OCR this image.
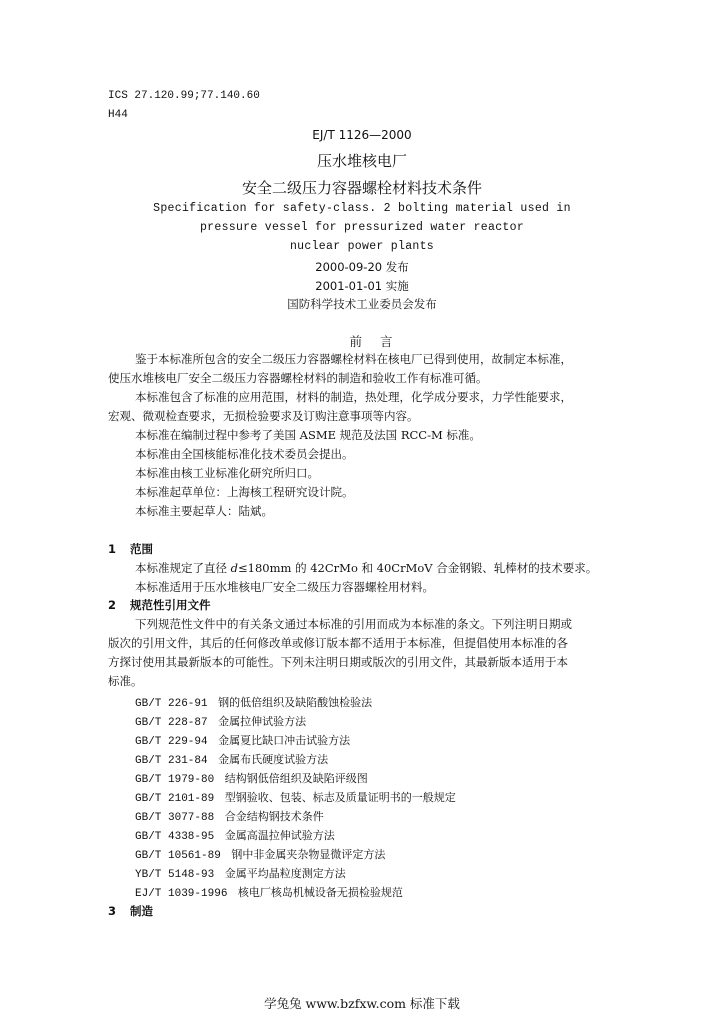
ICS 27.120.99;77.140.60
H44
EJ/T 1126—2000
压水堆核电厂
安全二级压力容器螺栓材料技术条件
Specification for safety-class. 2 bolting material used in
pressure vessel for pressurized water reactor
nuclear power plants
2000-09-20 发布
2001-01-01 实施
国防科学技术工业委员会发布
前言
鉴于本标准所包含的安全二级压力容器螺栓材料在核电厂已得到使用，故制定本标准，
使压水堆核电厂安全二级压力容器螺栓材料的制造和验收工作有标准可循。
本标准包含了标准的应用范围，材料的制造，热处理，化学成分要求，力学性能要求，
宏观、微观检查要求，无损检验要求及订购注意事项等内容。
本标准在编制过程中参考了美国 ASME 规范及法国 RCC-M 标准。
本标准由全国核能标准化技术委员会提出。
本标准由核工业标准化研究所归口。
本标准起草单位：上海核工程研究设计院。
本标准主要起草人：陆斌。
1 范围
本标准规定了直径 d≤180mm 的 42CrMo 和 40CrMoV 合金钢锻、轧棒材的技术要求。
本标准适用于压水堆核电厂安全二级压力容器螺栓用材料。
2 规范性引用文件
下列规范性文件中的有关条文通过本标准的引用而成为本标准的条文。下列注明日期或
版次的引用文件，其后的任何修改单或修订版本都不适用于本标准，但提倡使用本标准的各
方探讨使用其最新版本的可能性。下列未注明日期或版次的引用文件，其最新版本适用于本
标准。
GB/T 226-91 钢的低倍组织及缺陷酸蚀检验法
GB/T 228-87 金属拉伸试验方法
GB/T 229-94 金属夏比缺口冲击试验方法
GB/T 231-84 金属布氏硬度试验方法
GB/T 1979-80 结构钢低倍组织及缺陷评级图
GB/T 2101-89 型钢验收、包装、标志及质量证明书的一般规定
GB/T 3077-88 合金结构钢技术条件
GB/T 4338-95 金属高温拉伸试验方法
GB/T 10561-89 钢中非金属夹杂物显微评定方法
YB/T 5148-93 金属平均晶粒度测定方法
EJ/T 1039-1996 核电厂核岛机械设备无损检验规范
3 制造
学兔兔 www.bzfxw.com 标准下载
